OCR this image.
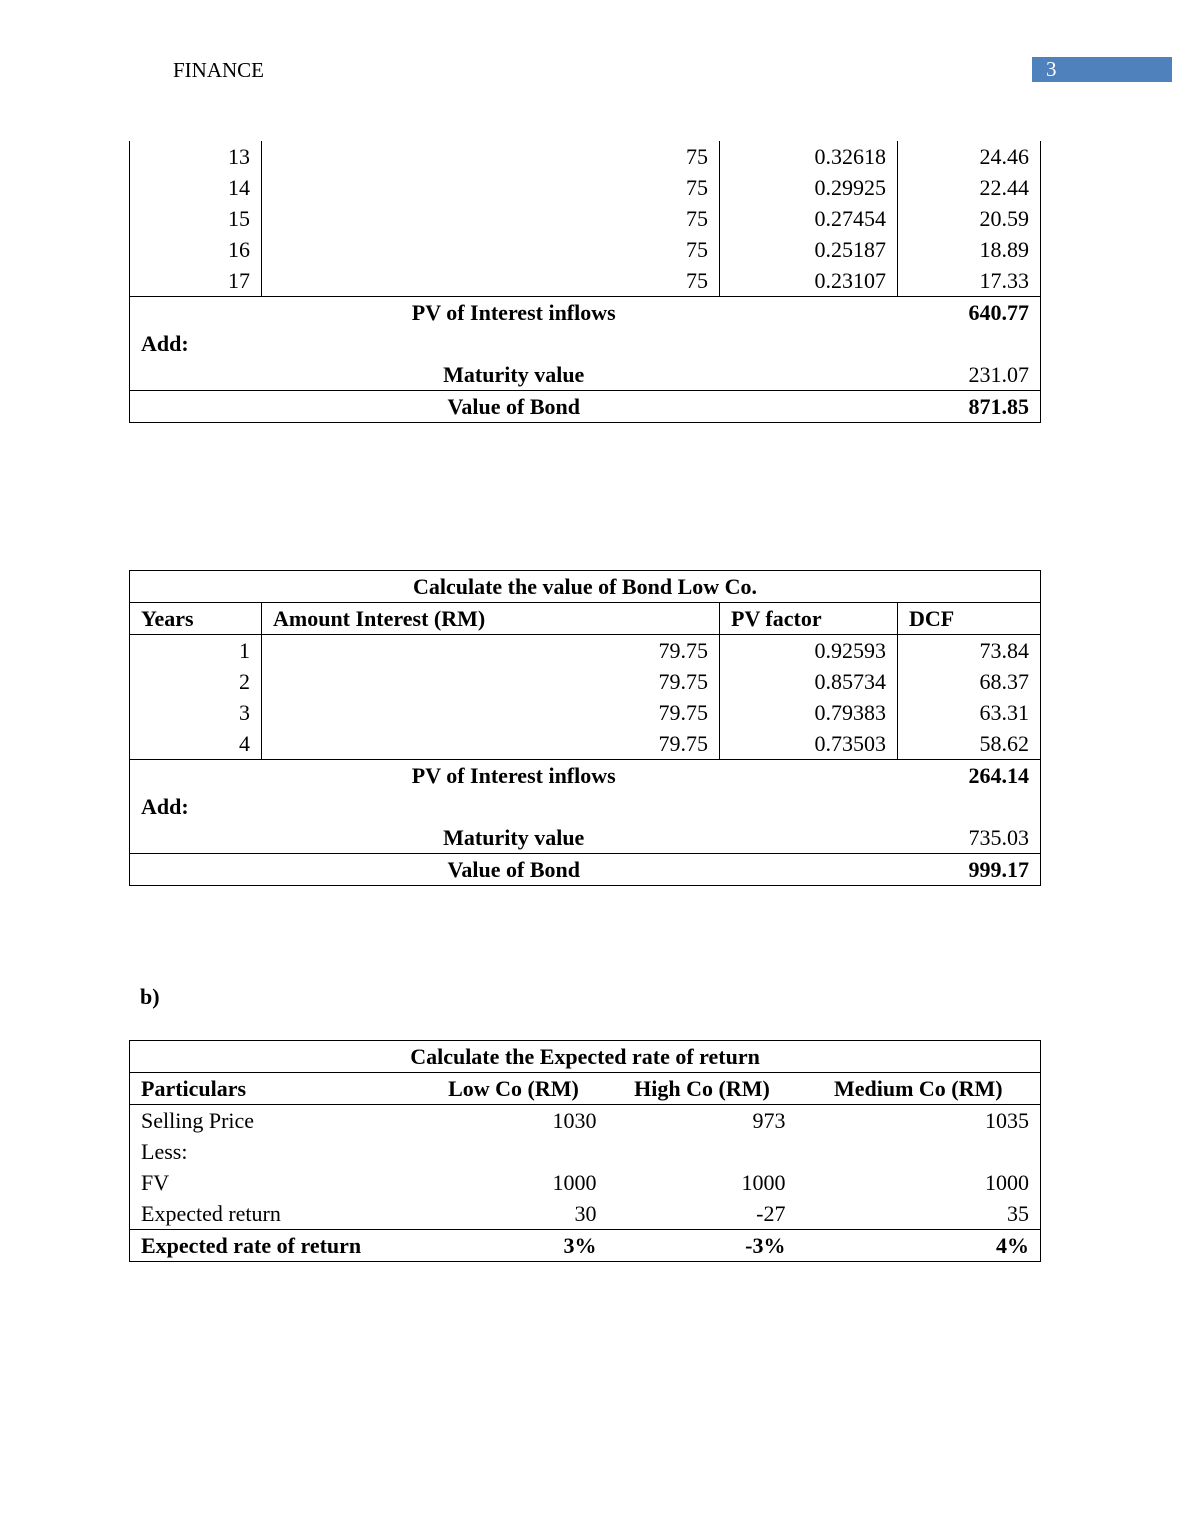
FINANCE	3
13	75	0.32618	24.46
14	75	0.29925	22.44
15	75	0.27454	20.59
16	75	0.25187	18.89
17	75	0.23107	17.33
PV of Interest inflows			640.77
Add:			
Maturity value			231.07
Value of Bond			871.85
Calculate the value of Bond Low Co.			
Years	Amount Interest (RM)	PV factor	DCF
1	79.75	0.92593	73.84
2	79.75	0.85734	68.37
3	79.75	0.79383	63.31
4	79.75	0.73503	58.62
PV of Interest inflows			264.14
Add:			
Maturity value			735.03
Value of Bond			999.17
b)
Calculate the Expected rate of return			
Particulars	Low Co (RM)	High Co (RM)	Medium Co (RM)
Selling Price	1030	973	1035
Less:			
FV	1000	1000	1000
Expected return	30	-27	35
Expected rate of return	3%	-3%	4%
